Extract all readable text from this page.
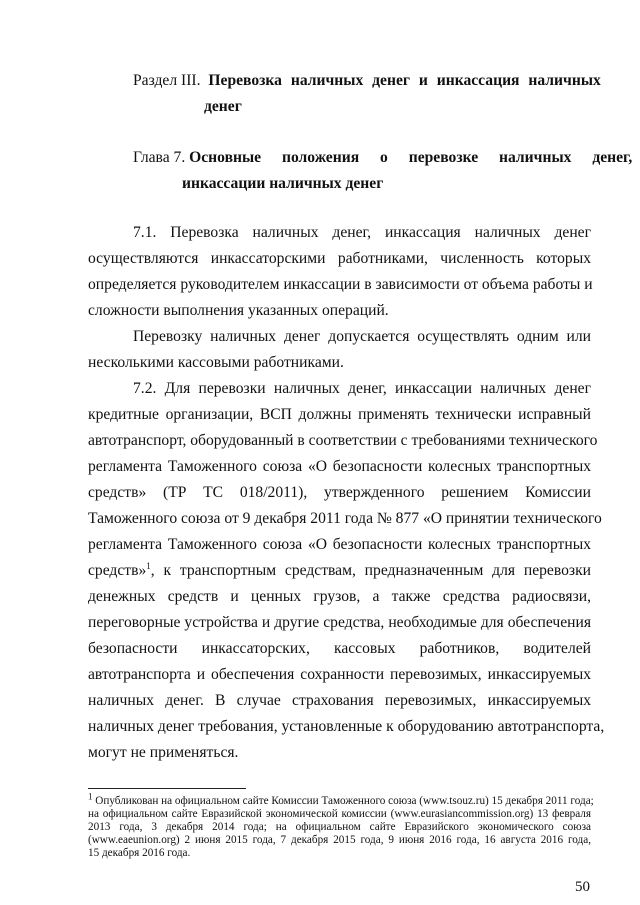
Раздел III. Перевозка наличных денег и инкассация наличных
денег
Глава 7. Основные положения о перевозке наличных денег,
инкассации наличных денег
7.1. Перевозка наличных денег, инкассация наличных денег
осуществляются инкассаторскими работниками, численность которых
определяется руководителем инкассации в зависимости от объема работы и
сложности выполнения указанных операций.
Перевозку наличных денег допускается осуществлять одним или
несколькими кассовыми работниками.
7.2. Для перевозки наличных денег, инкассации наличных денег
кредитные организации, ВСП должны применять технически исправный
автотранспорт, оборудованный в соответствии с требованиями технического
регламента Таможенного союза «О безопасности колесных транспортных
средств» (ТР ТС 018/2011), утвержденного решением Комиссии
Таможенного союза от 9 декабря 2011 года № 877 «О принятии технического
регламента Таможенного союза «О безопасности колесных транспортных
средств»$^1$, к транспортным средствам, предназначенным для перевозки
денежных средств и ценных грузов, а также средства радиосвязи,
переговорные устройства и другие средства, необходимые для обеспечения
безопасности инкассаторских, кассовых работников, водителей
автотранспорта и обеспечения сохранности перевозимых, инкассируемых
наличных денег. В случае страхования перевозимых, инкассируемых
наличных денег требования, установленные к оборудованию автотранспорта,
могут не применяться.
$^1$ Опубликован на официальном сайте Комиссии Таможенного союза (www.tsouz.ru) 15 декабря 2011 года;
на официальном сайте Евразийской экономической комиссии (www.eurasiancommission.org) 13 февраля
2013 года, 3 декабря 2014 года; на официальном сайте Евразийского экономического союза
(www.eaeunion.org) 2 июня 2015 года, 7 декабря 2015 года, 9 июня 2016 года, 16 августа 2016 года,
15 декабря 2016 года.
50
